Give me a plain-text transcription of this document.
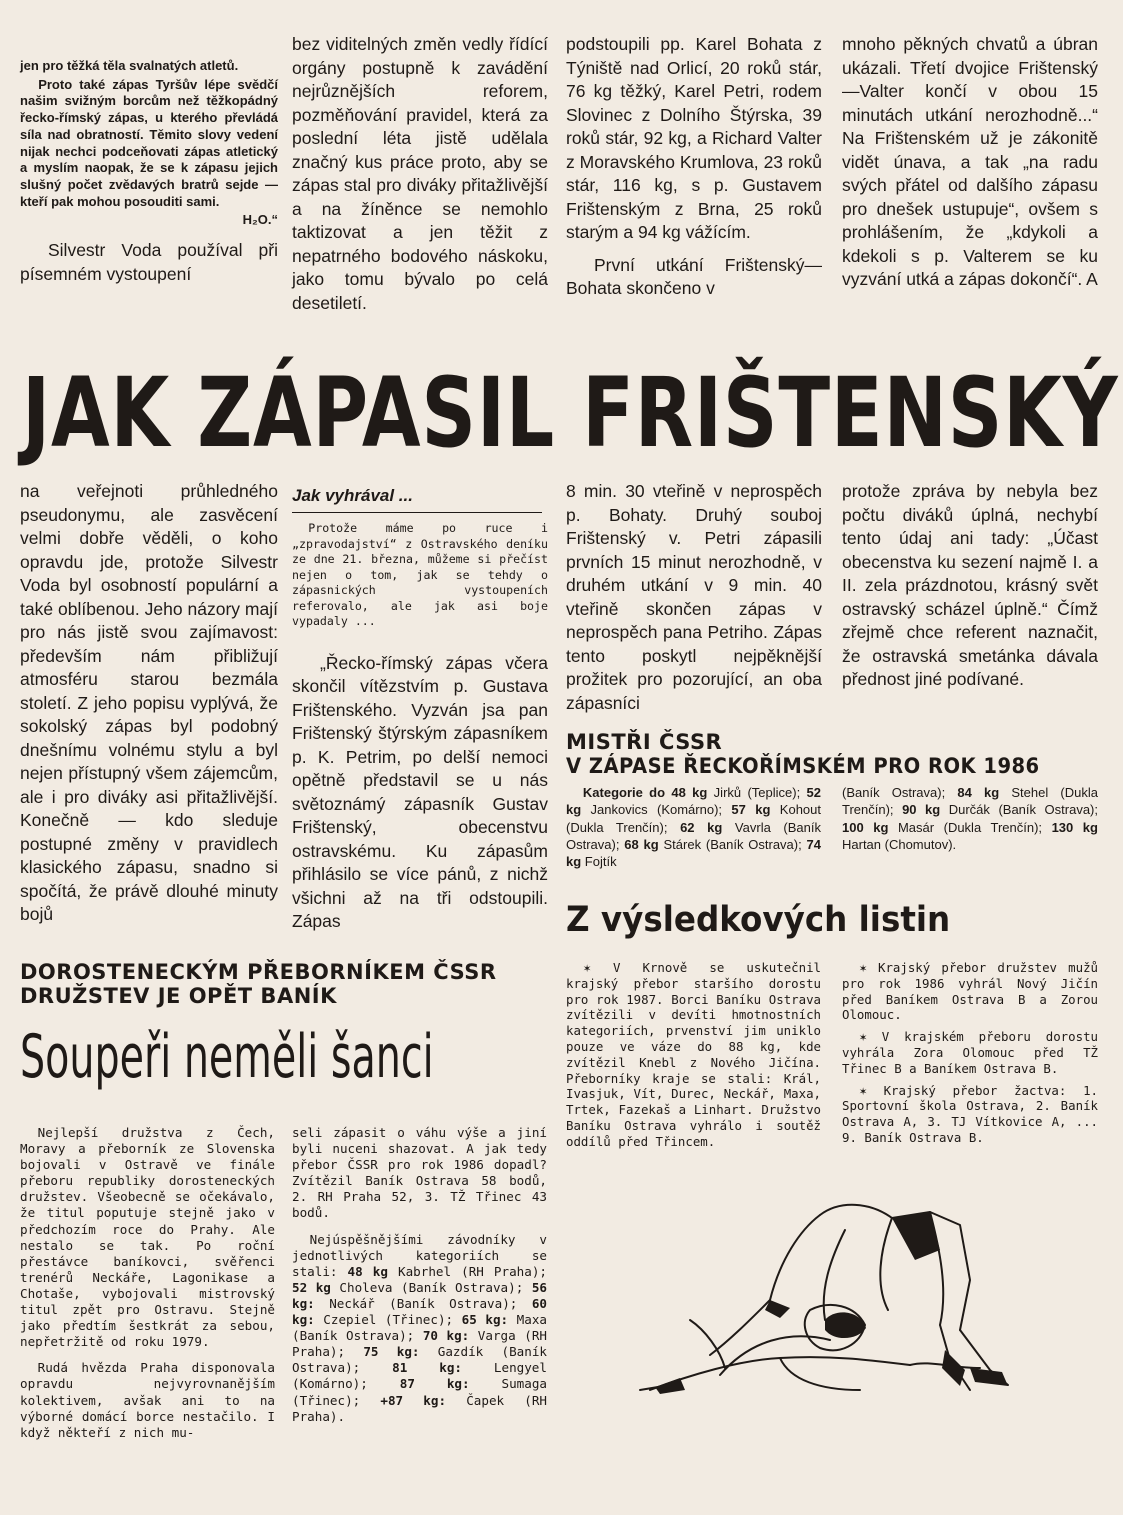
jen pro těžká těla svalnatých atletů.

Proto také zápas Tyršův lépe svědčí našim svižným borcům než těžkopádný řecko-římský zápas, u kterého převládá síla nad obratností. Těmito slovy vedení nijak nechci podceňovati zápas atletický a myslím naopak, že se k zápasu jejich slušný počet zvědavých bratrů sejde — kteří pak mohou posouditi sami.

H₂O.“

Silvestr Voda používal při písemném vystoupení

bez viditelných změn vedly řídící orgány postupně k zavádění nejrůznějších reforem, pozměňování pravidel, která za poslední léta jistě udělala značný kus práce proto, aby se zápas stal pro diváky přitažlivější a na žíněnce se nemohlo taktizovat a jen těžit z nepatrného bodového náskoku, jako tomu bývalo po celá desetiletí.

podstoupili pp. Karel Bohata z Týniště nad Orlicí, 20 roků stár, 76 kg těžký, Karel Petri, rodem Slovinec z Dolního Štýrska, 39 roků stár, 92 kg, a Richard Valter z Moravského Krumlova, 23 roků stár, 116 kg, s p. Gustavem Frištenským z Brna, 25 roků starým a 94 kg vážícím.

První utkání Frištenský—Bohata skončeno v

mnoho pěkných chvatů a úbran ukázali. Třetí dvojice Frištenský—Valter končí v obou 15 minutách utkání nerozhodně...“ Na Frištenském už je zákonitě vidět únava, a tak „na radu svých přátel od dalšího zápasu pro dnešek ustupuje“, ovšem s prohlášením, že „kdykoli a kdekoli s p. Valterem se ku vyzvání utká a zápas dokončí“. A

JAK ZÁPASIL FRIŠTENSKÝ

na veřejnoti průhledného pseudonymu, ale zasvěcení velmi dobře věděli, o koho opravdu jde, protože Silvestr Voda byl osobností populární a také oblíbenou. Jeho názory mají pro nás jistě svou zajímavost: především nám přibližují atmosféru starou bezmála století. Z jeho popisu vyplývá, že sokolský zápas byl podobný dnešnímu volnému stylu a byl nejen přístupný všem zájemcům, ale i pro diváky asi přitažlivější. Konečně — kdo sleduje postupné změny v pravidlech klasického zápasu, snadno si spočítá, že právě dlouhé minuty bojů

Jak vyhrával ...

Protože máme po ruce i „zpravodajství“ z Ostravského deníku ze dne 21. března, můžeme si přečíst nejen o tom, jak se tehdy o zápasnických vystoupeních referovalo, ale jak asi boje vypadaly ...

„Řecko-římský zápas včera skončil vítězstvím p. Gustava Frištenského. Vyzván jsa pan Frištenský štýrským zápasníkem p. K. Petrim, po delší nemoci opětně představil se u nás světoznámý zápasník Gustav Frištenský, obecenstvu ostravskému. Ku zápasům přihlásilo se více pánů, z nichž všichni až na tři odstoupili. Zápas

8 min. 30 vteřině v neprospěch p. Bohaty. Druhý souboj Frištenský v. Petri zápasili prvních 15 minut nerozhodně, v druhém utkání v 9 min. 40 vteřině skončen zápas v neprospěch pana Petriho. Zápas tento poskytl nejpěknější prožitek pro pozorující, an oba zápasníci

protože zpráva by nebyla bez počtu diváků úplná, nechybí tento údaj ani tady: „Účast obecenstva ku sezení najmě I. a II. zela prázdnotou, krásný svět ostravský scházel úplně.“ Čímž zřejmě chce referent naznačit, že ostravská smetánka dávala přednost jiné podívané.

MISTŘI ČSSR
V ZÁPASE ŘECKOŘÍMSKÉM PRO ROK 1986

Kategorie do 48 kg Jirků (Teplice); 52 kg Jankovics (Komárno); 57 kg Kohout (Dukla Trenčín); 62 kg Vavrla (Baník Ostrava); 68 kg Stárek (Baník Ostrava); 74 kg Fojtík

(Baník Ostrava); 84 kg Stehel (Dukla Trenčín); 90 kg Durčák (Baník Ostrava); 100 kg Masár (Dukla Trenčín); 130 kg Hartan (Chomutov).

DOROSTENECKÝM PŘEBORNÍKEM ČSSR
DRUŽSTEV JE OPĚT BANÍK
Soupeři neměli šanci

Nejlepší družstva z Čech, Moravy a přeborník ze Slovenska bojovali v Ostravě ve finále přeboru republiky dorosteneckých družstev. Všeobecně se očekávalo, že titul poputuje stejně jako v předchozím roce do Prahy. Ale nestalo se tak. Po roční přestávce baníkovci, svěřenci trenérů Neckáře, Lagonikase a Chotaše, vybojovali mistrovský titul zpět pro Ostravu. Stejně jako předtím šestkrát za sebou, nepřetržitě od roku 1979.

Rudá hvězda Praha disponovala opravdu nejvyrovnanějším kolektivem, avšak ani to na výborné domácí borce nestačilo. I když někteří z nich mu-

seli zápasit o váhu výše a jiní byli nuceni shazovat. A jak tedy přebor ČSSR pro rok 1986 dopadl? Zvítězil Baník Ostrava 58 bodů, 2. RH Praha 52, 3. TŽ Třinec 43 bodů.

Nejúspěšnějšími závodníky v jednotlivých kategoriích se stali: 48 kg Kabrhel (RH Praha); 52 kg Choleva (Baník Ostrava); 56 kg: Neckář (Baník Ostrava); 60 kg: Czepiel (Třinec); 65 kg: Maxa (Baník Ostrava); 70 kg: Varga (RH Praha); 75 kg: Gazdík (Baník Ostrava); 81 kg: Lengyel (Komárno); 87 kg: Sumaga (Třinec); +87 kg: Čapek (RH Praha).

Z výsledkových listin

✶ V Krnově se uskutečnil krajský přebor staršího dorostu pro rok 1987. Borci Baníku Ostrava zvítězili v devíti hmotnostních kategoriích, prvenství jim uniklo pouze ve váze do 88 kg, kde zvítězil Knebl z Nového Jičína. Přeborníky kraje se stali: Král, Ivasjuk, Vít, Durec, Neckář, Maxa, Trtek, Fazekaš a Linhart. Družstvo Baníku Ostrava vyhrálo i soutěž oddílů před Třincem.

✶ Krajský přebor družstev mužů pro rok 1986 vyhrál Nový Jičín před Baníkem Ostrava B a Zorou Olomouc.

✶ V krajském přeboru dorostu vyhrála Zora Olomouc před TŽ Třinec B a Baníkem Ostrava B.

✶ Krajský přebor žactva: 1. Sportovní škola Ostrava, 2. Baník Ostrava A, 3. TJ Vítkovice A, ... 9. Baník Ostrava B.
